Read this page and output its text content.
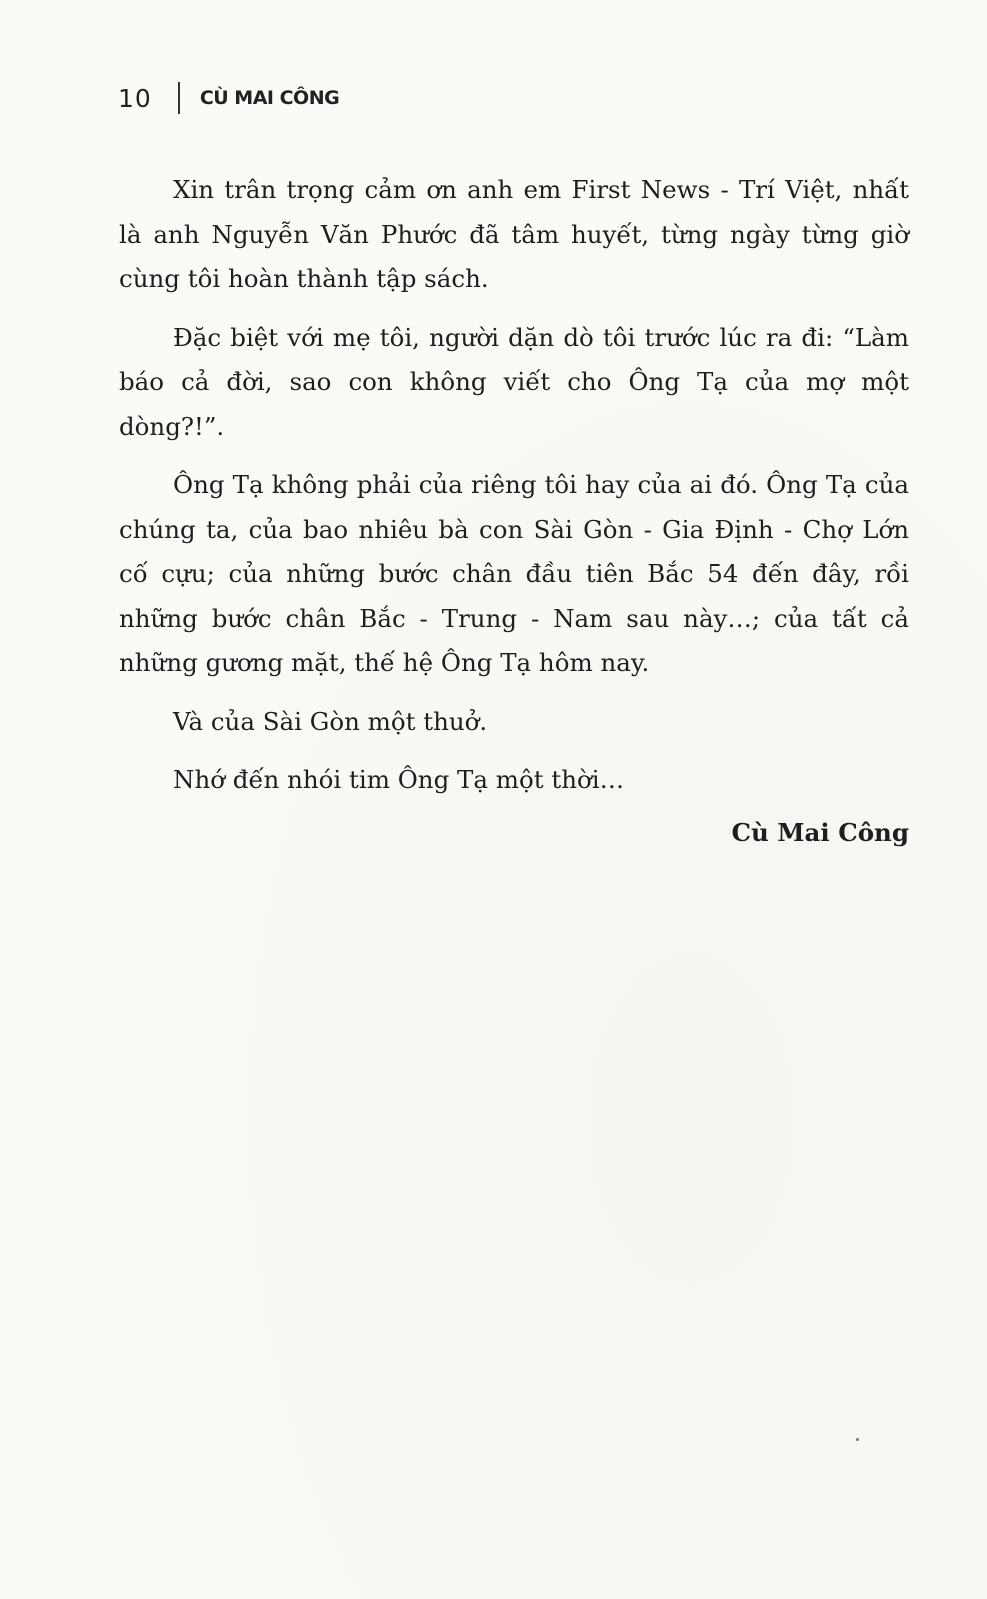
10	CÙ MAI CÔNG

Xin trân trọng cảm ơn anh em First News - Trí Việt, nhất là anh Nguyễn Văn Phước đã tâm huyết, từng ngày từng giờ cùng tôi hoàn thành tập sách.

Đặc biệt với mẹ tôi, người dặn dò tôi trước lúc ra đi: “Làm báo cả đời, sao con không viết cho Ông Tạ của mợ một dòng?!”.

Ông Tạ không phải của riêng tôi hay của ai đó. Ông Tạ của chúng ta, của bao nhiêu bà con Sài Gòn - Gia Định - Chợ Lớn cố cựu; của những bước chân đầu tiên Bắc 54 đến đây, rồi những bước chân Bắc - Trung - Nam sau này…; của tất cả những gương mặt, thế hệ Ông Tạ hôm nay.

Và của Sài Gòn một thuở.

Nhớ đến nhói tim Ông Tạ một thời…

Cù Mai Công
